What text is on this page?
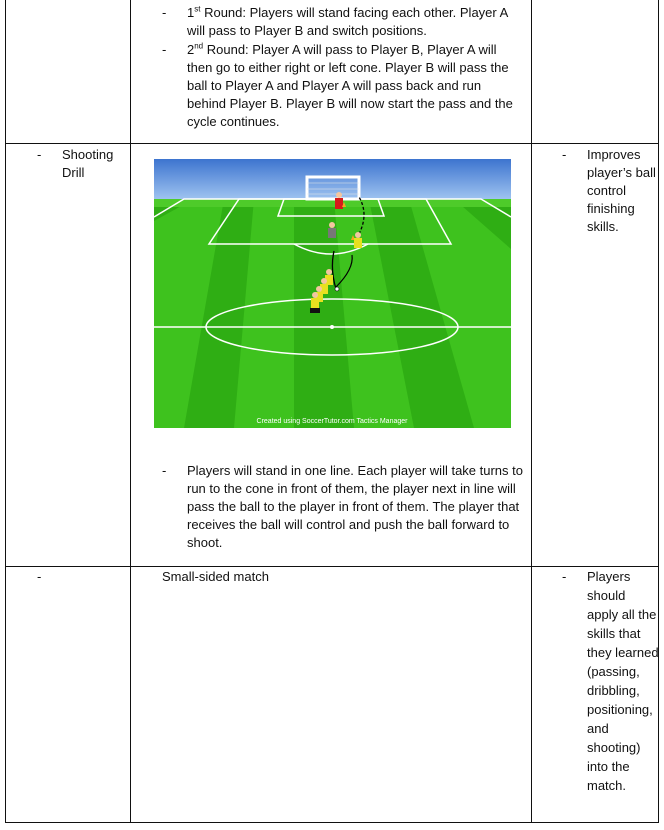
- 1st Round: Players will stand facing each other. Player A will pass to Player B and switch positions.
- 2nd Round: Player A will pass to Player B, Player A will then go to either right or left cone. Player B will pass the ball to Player A and Player A will pass back and run behind Player B. Player B will now start the pass and the cycle continues.
- Shooting Drill
Created using SoccerTutor.com Tactics Manager
- Players will stand in one line. Each player will take turns to run to the cone in front of them, the player next in line will pass the ball to the player in front of them. The player that receives the ball will control and push the ball forward to shoot.
- Improves player’s ball control finishing skills.
-	Small-sided match	- Players should apply all the skills that they learned (passing, dribbling, positioning, and shooting) into the match.
